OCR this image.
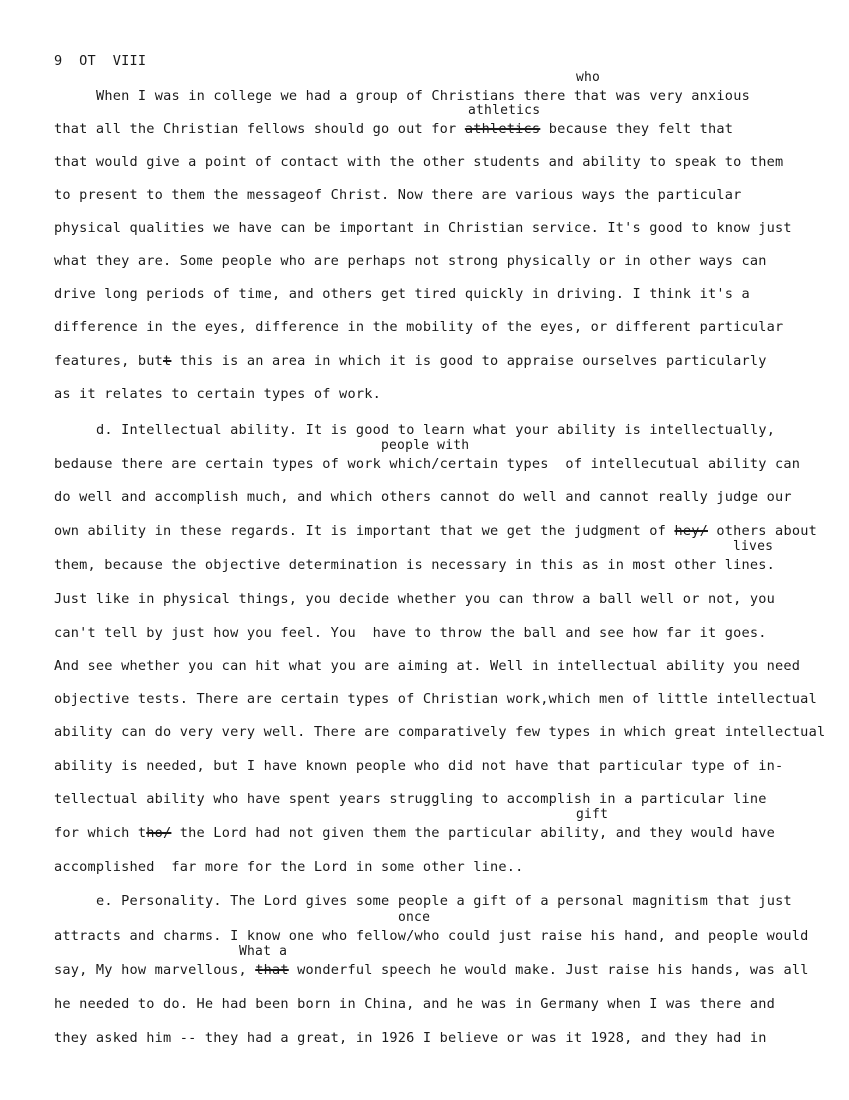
9  OT  VIII
who
When I was in college we had a group of Christians there that was very anxious
athletics
that all the Christian fellows should go out for athletics because they felt that
that would give a point of contact with the other students and ability to speak to them
to present to them the messageof Christ. Now there are various ways the particular
physical qualities we have can be important in Christian service. It's good to know just
what they are. Some people who are perhaps not strong physically or in other ways can
drive long periods of time, and others get tired quickly in driving. I think it's a
difference in the eyes, difference in the mobility of the eyes, or different particular
features, butt this is an area in which it is good to appraise ourselves particularly
as it relates to certain types of work.
d. Intellectual ability. It is good to learn what your ability is intellectually,
people with
bedause there are certain types of work which/certain types  of intellecutual ability can
do well and accomplish much, and which others cannot do well and cannot really judge our
own ability in these regards. It is important that we get the judgment of hey/ others about
lives
them, because the objective determination is necessary in this as in most other lines.
Just like in physical things, you decide whether you can throw a ball well or not, you
can't tell by just how you feel. You  have to throw the ball and see how far it goes.
And see whether you can hit what you are aiming at. Well in intellectual ability you need
objective tests. There are certain types of Christian work,which men of little intellectual
ability can do very very well. There are comparatively few types in which great intellectual
ability is needed, but I have known people who did not have that particular type of in-
tellectual ability who have spent years struggling to accomplish in a particular line
gift
for which tho/ the Lord had not given them the particular ability, and they would have
accomplished  far more for the Lord in some other line..
e. Personality. The Lord gives some people a gift of a personal magnitism that just
once
attracts and charms. I know one who fellow/who could just raise his hand, and people would
What a
say, My how marvellous, that wonderful speech he would make. Just raise his hands, was all
he needed to do. He had been born in China, and he was in Germany when I was there and
they asked him -- they had a great, in 1926 I believe or was it 1928, and they had in
